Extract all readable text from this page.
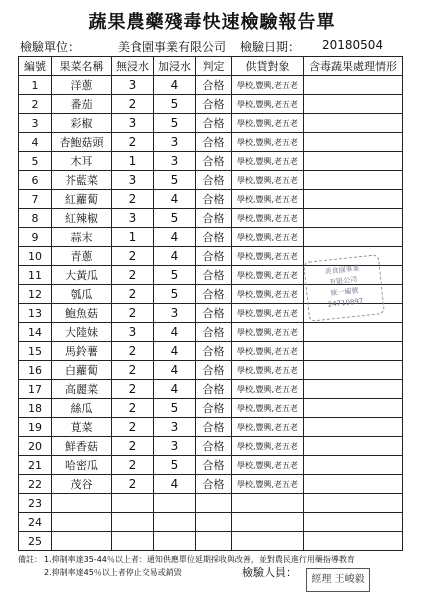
蔬果農藥殘毒快速檢驗報告單
檢驗單位：	美食園事業有限公司 檢驗日期： 20180504
編號	果菜名稱	無浸水	加浸水	判定	供貨對象	含毒蔬果處理情形
1	洋蔥	3	4	合格	學校,豐興,老五老	
2	番茄	2	5	合格	學校,豐興,老五老	
3	彩椒	3	5	合格	學校,豐興,老五老	
4	杏鮑菇頭	2	3	合格	學校,豐興,老五老	
5	木耳	1	3	合格	學校,豐興,老五老	
6	芥藍菜	3	5	合格	學校,豐興,老五老	
7	紅蘿蔔	2	4	合格	學校,豐興,老五老	
8	紅辣椒	3	5	合格	學校,豐興,老五老	
9	蒜末	1	4	合格	學校,豐興,老五老	
10	青蔥	2	4	合格	學校,豐興,老五老	
11	大黃瓜	2	5	合格	學校,豐興,老五老	
12	瓠瓜	2	5	合格	學校,豐興,老五老	
13	鮑魚菇	2	3	合格	學校,豐興,老五老	
14	大陸妹	3	4	合格	學校,豐興,老五老	
15	馬鈴薯	2	4	合格	學校,豐興,老五老	
16	白蘿蔔	2	4	合格	學校,豐興,老五老	
17	高麗菜	2	4	合格	學校,豐興,老五老	
18	絲瓜	2	5	合格	學校,豐興,老五老	
19	莧菜	2	3	合格	學校,豐興,老五老	
20	鮮香菇	2	3	合格	學校,豐興,老五老	
21	哈密瓜	2	5	合格	學校,豐興,老五老	
22	茂谷	2	4	合格	學校,豐興,老五老	
23						
24						
25						
美食園事業
有限公司
統一編號
24710897
備註： 1.抑制率達35-44％以上者：通知供應單位延期採收與改善，並對農民進行用藥指導教育
2.抑制率達45％以上者停止交易或銷毀	檢驗人員：
經理 王峻毅
